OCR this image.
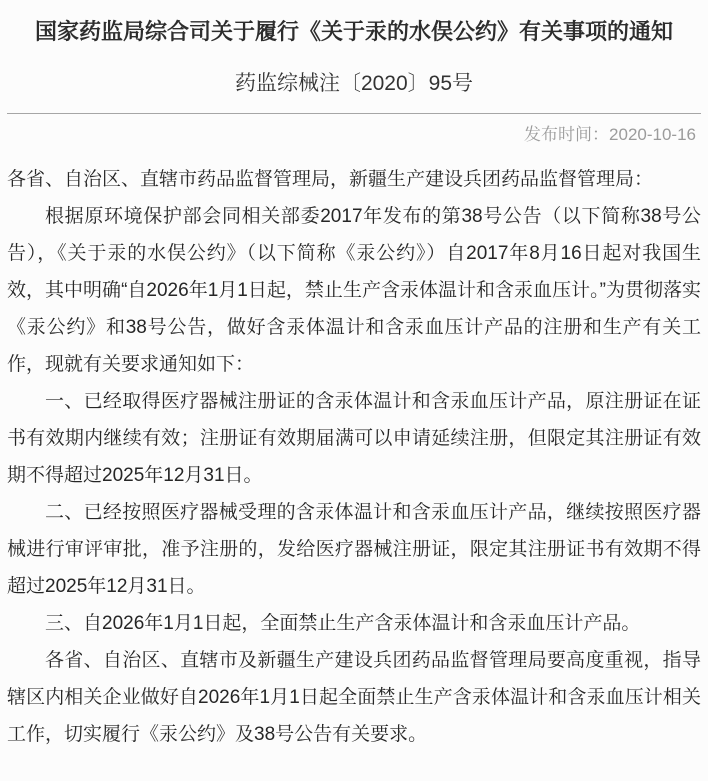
国家药监局综合司关于履行《关于汞的水俣公约》有关事项的通知
药监综械注〔2020〕95号
发布时间：2020-10-16

各省、自治区、直辖市药品监督管理局，新疆生产建设兵团药品监督管理局：

根据原环境保护部会同相关部委2017年发布的第38号公告（以下简称38号公告），《关于汞的水俣公约》（以下简称《汞公约》）自2017年8月16日起对我国生效，其中明确“自2026年1月1日起，禁止生产含汞体温计和含汞血压计。”为贯彻落实《汞公约》和38号公告，做好含汞体温计和含汞血压计产品的注册和生产有关工作，现就有关要求通知如下：

一、已经取得医疗器械注册证的含汞体温计和含汞血压计产品，原注册证在证书有效期内继续有效；注册证有效期届满可以申请延续注册，但限定其注册证有效期不得超过2025年12月31日。

二、已经按照医疗器械受理的含汞体温计和含汞血压计产品，继续按照医疗器械进行审评审批，准予注册的，发给医疗器械注册证，限定其注册证书有效期不得超过2025年12月31日。

三、自2026年1月1日起，全面禁止生产含汞体温计和含汞血压计产品。

各省、自治区、直辖市及新疆生产建设兵团药品监督管理局要高度重视，指导辖区内相关企业做好自2026年1月1日起全面禁止生产含汞体温计和含汞血压计相关工作，切实履行《汞公约》及38号公告有关要求。
